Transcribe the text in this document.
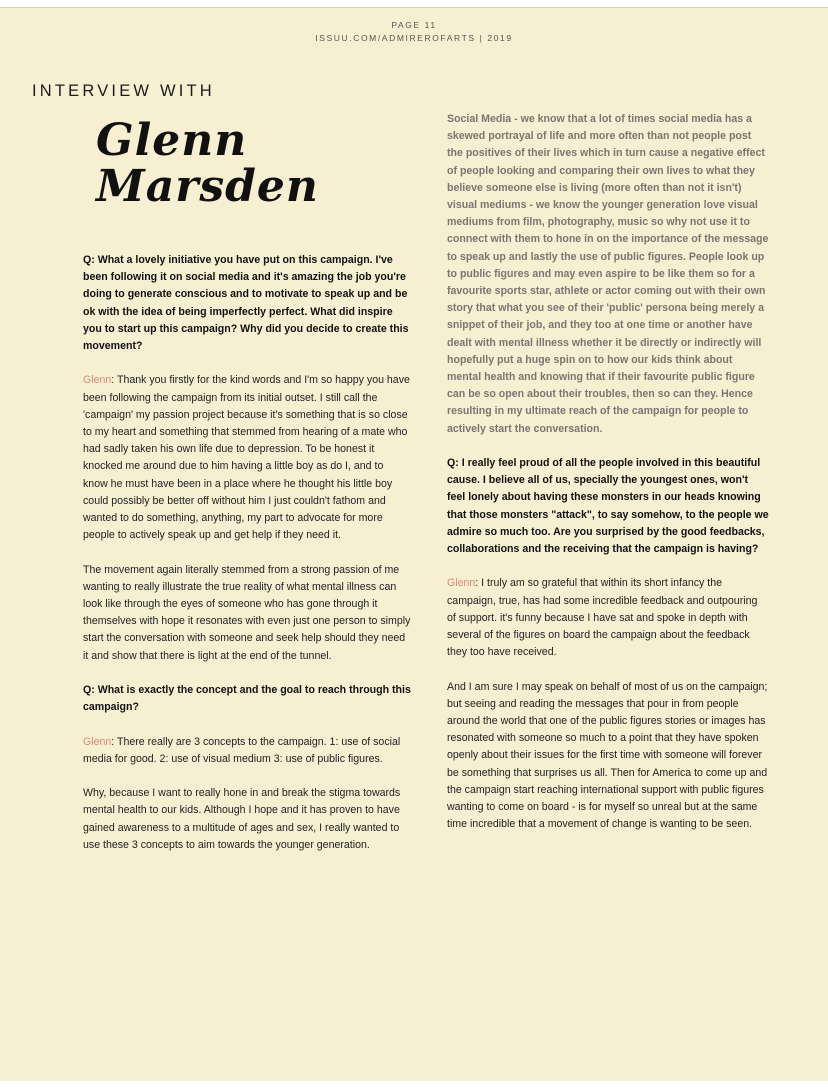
PAGE 11
ISSUU.COM/ADMIREROFARTS | 2019
INTERVIEW WITH
Glenn
Marsden

Q: What a lovely initiative you have put on this campaign. I've been following it on social media and it's amazing the job you're doing to generate conscious and to motivate to speak up and be ok with the idea of being imperfectly perfect. What did inspire you to start up this campaign? Why did you decide to create this movement?

Glenn: Thank you firstly for the kind words and I'm so happy you have been following the campaign from its initial outset. I still call the 'campaign' my passion project because it's something that is so close to my heart and something that stemmed from hearing of a mate who had sadly taken his own life due to depression. To be honest it knocked me around due to him having a little boy as do I, and to know he must have been in a place where he thought his little boy could possibly be better off without him I just couldn't fathom and wanted to do something, anything, my part to advocate for more people to actively speak up and get help if they need it.

The movement again literally stemmed from a strong passion of me wanting to really illustrate the true reality of what mental illness can look like through the eyes of someone who has gone through it themselves with hope it resonates with even just one person to simply start the conversation with someone and seek help should they need it and show that there is light at the end of the tunnel.

Q: What is exactly the concept and the goal to reach through this campaign?

Glenn: There really are 3 concepts to the campaign. 1: use of social media for good. 2: use of visual medium 3: use of public figures.

Why, because I want to really hone in and break the stigma towards mental health to our kids. Although I hope and it has proven to have gained awareness to a multitude of ages and sex, I really wanted to use these 3 concepts to aim towards the younger generation.

Social Media - we know that a lot of times social media has a skewed portrayal of life and more often than not people post the positives of their lives which in turn cause a negative effect of people looking and comparing their own lives to what they believe someone else is living (more often than not it isn't) visual mediums - we know the younger generation love visual mediums from film, photography, music so why not use it to connect with them to hone in on the importance of the message to speak up and lastly the use of public figures. People look up to public figures and may even aspire to be like them so for a favourite sports star, athlete or actor coming out with their own story that what you see of their 'public' persona being merely a snippet of their job, and they too at one time or another have dealt with mental illness whether it be directly or indirectly will hopefully put a huge spin on to how our kids think about mental health and knowing that if their favourite public figure can be so open about their troubles, then so can they. Hence resulting in my ultimate reach of the campaign for people to actively start the conversation.

Q: I really feel proud of all the people involved in this beautiful cause. I believe all of us, specially the youngest ones, won't feel lonely about having these monsters in our heads knowing that those monsters "attack", to say somehow, to the people we admire so much too. Are you surprised by the good feedbacks, collaborations and the receiving that the campaign is having?

Glenn: I truly am so grateful that within its short infancy the campaign, true, has had some incredible feedback and outpouring of support. it's funny because I have sat and spoke in depth with several of the figures on board the campaign about the feedback they too have received.

And I am sure I may speak on behalf of most of us on the campaign; but seeing and reading the messages that pour in from people around the world that one of the public figures stories or images has resonated with someone so much to a point that they have spoken openly about their issues for the first time with someone will forever be something that surprises us all. Then for America to come up and the campaign start reaching international support with public figures wanting to come on board - is for myself so unreal but at the same time incredible that a movement of change is wanting to be seen.
